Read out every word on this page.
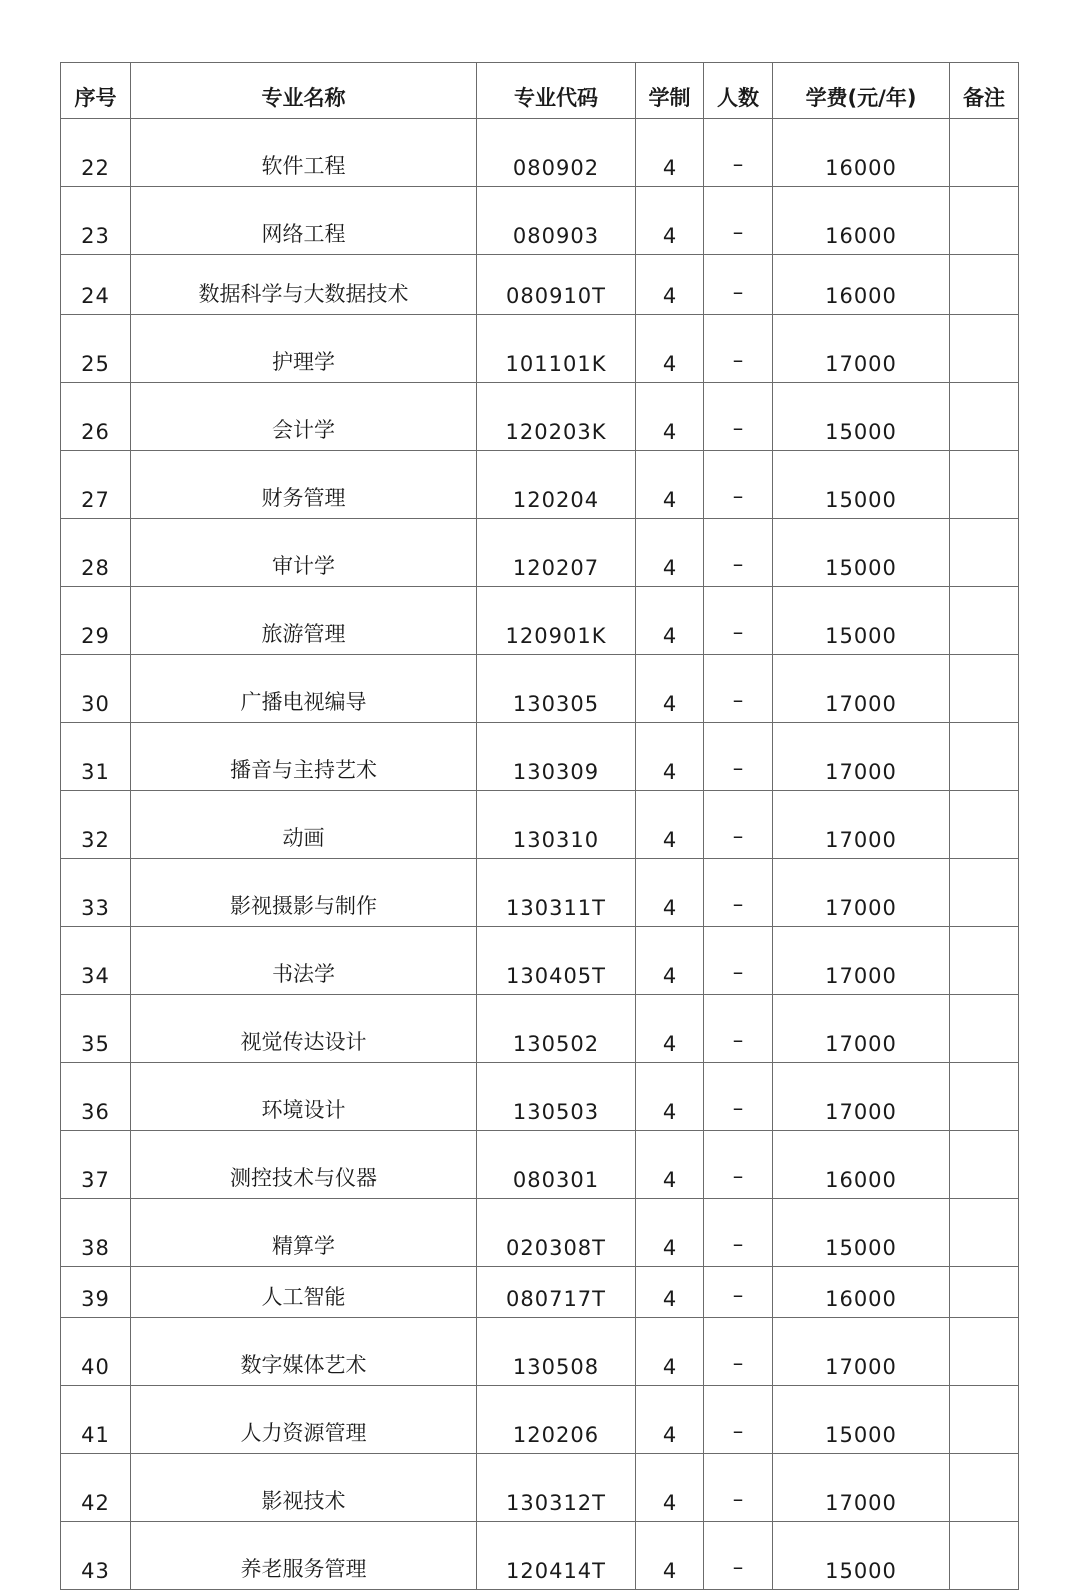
序号	专业名称	专业代码	学制	人数	学费(元/年)	备注
22	软件工程	080902	4	–	16000	
23	网络工程	080903	4	–	16000	
24	数据科学与大数据技术	080910T	4	–	16000	
25	护理学	101101K	4	–	17000	
26	会计学	120203K	4	–	15000	
27	财务管理	120204	4	–	15000	
28	审计学	120207	4	–	15000	
29	旅游管理	120901K	4	–	15000	
30	广播电视编导	130305	4	–	17000	
31	播音与主持艺术	130309	4	–	17000	
32	动画	130310	4	–	17000	
33	影视摄影与制作	130311T	4	–	17000	
34	书法学	130405T	4	–	17000	
35	视觉传达设计	130502	4	–	17000	
36	环境设计	130503	4	–	17000	
37	测控技术与仪器	080301	4	–	16000	
38	精算学	020308T	4	–	15000	
39	人工智能	080717T	4	–	16000	
40	数字媒体艺术	130508	4	–	17000	
41	人力资源管理	120206	4	–	15000	
42	影视技术	130312T	4	–	17000	
43	养老服务管理	120414T	4	–	15000	
